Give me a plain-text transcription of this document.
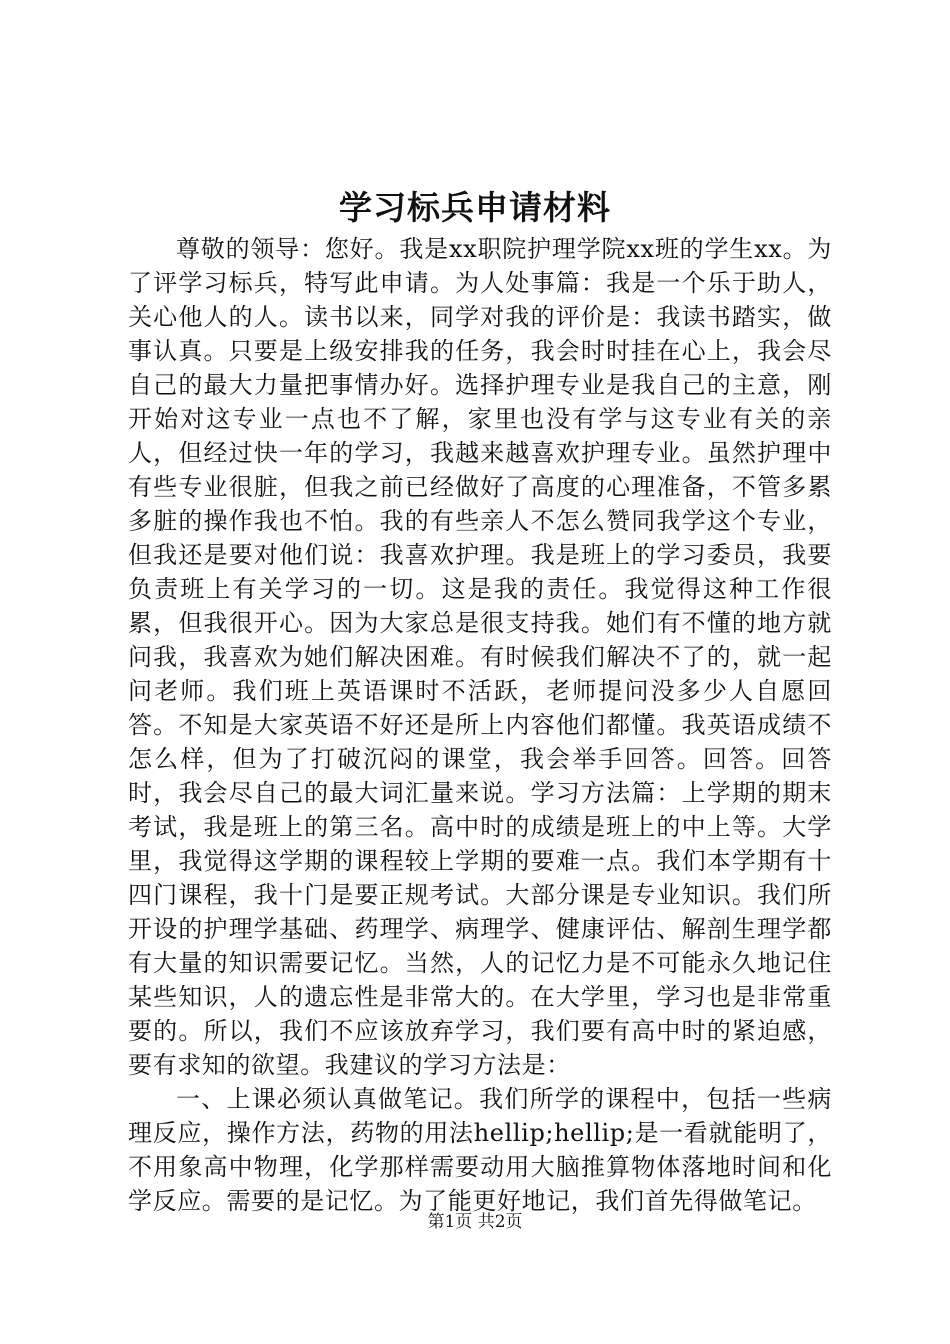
学习标兵申请材料

尊敬的领导：您好。我是xx职院护理学院xx班的学生xx。为了评学习标兵，特写此申请。为人处事篇：我是一个乐于助人，关心他人的人。读书以来，同学对我的评价是：我读书踏实，做事认真。只要是上级安排我的任务，我会时时挂在心上，我会尽自己的最大力量把事情办好。选择护理专业是我自己的主意，刚开始对这专业一点也不了解，家里也没有学与这专业有关的亲人，但经过快一年的学习，我越来越喜欢护理专业。虽然护理中有些专业很脏，但我之前已经做好了高度的心理准备，不管多累多脏的操作我也不怕。我的有些亲人不怎么赞同我学这个专业，但我还是要对他们说：我喜欢护理。我是班上的学习委员，我要负责班上有关学习的一切。这是我的责任。我觉得这种工作很累，但我很开心。因为大家总是很支持我。她们有不懂的地方就问我，我喜欢为她们解决困难。有时候我们解决不了的，就一起问老师。我们班上英语课时不活跃，老师提问没多少人自愿回答。不知是大家英语不好还是所上内容他们都懂。我英语成绩不怎么样，但为了打破沉闷的课堂，我会举手回答。回答。回答时，我会尽自己的最大词汇量来说。学习方法篇：上学期的期末考试，我是班上的第三名。高中时的成绩是班上的中上等。大学里，我觉得这学期的课程较上学期的要难一点。我们本学期有十四门课程，我十门是要正规考试。大部分课是专业知识。我们所开设的护理学基础、药理学、病理学、健康评估、解剖生理学都有大量的知识需要记忆。当然，人的记忆力是不可能永久地记住某些知识，人的遗忘性是非常大的。在大学里，学习也是非常重要的。所以，我们不应该放弃学习，我们要有高中时的紧迫感，要有求知的欲望。我建议的学习方法是：

一、上课必须认真做笔记。我们所学的课程中，包括一些病理反应，操作方法，药物的用法hellip;hellip;是一看就能明了，不用象高中物理，化学那样需要动用大脑推算物体落地时间和化学反应。需要的是记忆。为了能更好地记，我们首先得做笔记。

第1页 共2页
